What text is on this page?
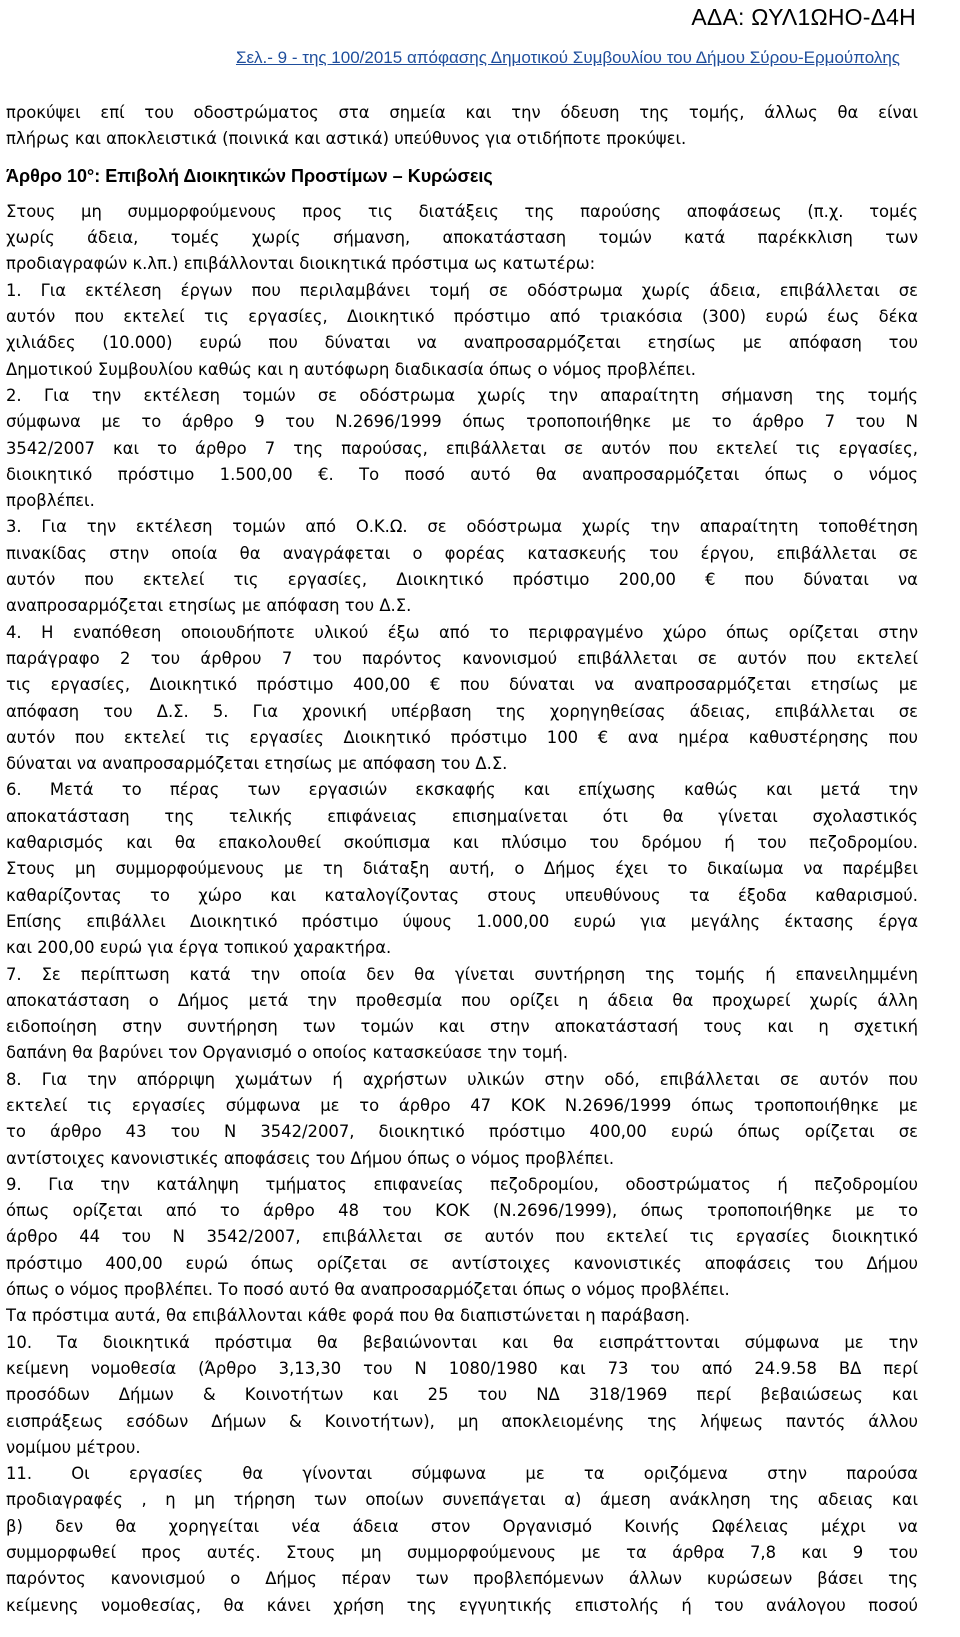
ΑΔΑ: ΩΥΛ1ΩΗΟ-Δ4Η
Σελ.- 9 - της 100/2015 απόφασης Δημοτικού Συμβουλίου του Δήμου Σύρου-Ερμούπολης
προκύψει επί του οδοστρώματος στα σημεία και την όδευση της τομής, άλλως θα είναι
πλήρως και αποκλειστικά (ποινικά και αστικά) υπεύθυνος για οτιδήποτε προκύψει.
Άρθρο 10°: Επιβολή Διοικητικών Προστίμων – Κυρώσεις
Στους μη συμμορφούμενους προς τις διατάξεις της παρούσης αποφάσεως (π.χ. τομές
χωρίς άδεια, τομές χωρίς σήμανση, αποκατάσταση τομών κατά παρέκκλιση των
προδιαγραφών κ.λπ.) επιβάλλονται διοικητικά πρόστιμα ως κατωτέρω:
1. Για εκτέλεση έργων που περιλαμβάνει τομή σε οδόστρωμα χωρίς άδεια, επιβάλλεται σε
αυτόν που εκτελεί τις εργασίες, Διοικητικό πρόστιμο από τριακόσια (300) ευρώ έως δέκα
χιλιάδες (10.000) ευρώ που δύναται να αναπροσαρμόζεται ετησίως με απόφαση του
Δημοτικού Συμβουλίου καθώς και η αυτόφωρη διαδικασία όπως ο νόμος προβλέπει.
2. Για την εκτέλεση τομών σε οδόστρωμα χωρίς την απαραίτητη σήμανση της τομής
σύμφωνα με το άρθρο 9 του Ν.2696/1999 όπως τροποποιήθηκε με το άρθρο 7 του Ν
3542/2007 και το άρθρο 7 της παρούσας, επιβάλλεται σε αυτόν που εκτελεί τις εργασίες,
διοικητικό πρόστιμο 1.500,00 €. Το ποσό αυτό θα αναπροσαρμόζεται όπως ο νόμος
προβλέπει.
3. Για την εκτέλεση τομών από Ο.Κ.Ω. σε οδόστρωμα χωρίς την απαραίτητη τοποθέτηση
πινακίδας στην οποία θα αναγράφεται ο φορέας κατασκευής του έργου, επιβάλλεται σε
αυτόν που εκτελεί τις εργασίες, Διοικητικό πρόστιμο 200,00 € που δύναται να
αναπροσαρμόζεται ετησίως με απόφαση του Δ.Σ.
4. Η εναπόθεση οποιουδήποτε υλικού έξω από το περιφραγμένο χώρο όπως ορίζεται στην
παράγραφο 2 του άρθρου 7 του παρόντος κανονισμού επιβάλλεται σε αυτόν που εκτελεί
τις εργασίες, Διοικητικό πρόστιμο 400,00 € που δύναται να αναπροσαρμόζεται ετησίως με
απόφαση του Δ.Σ. 5. Για χρονική υπέρβαση της χορηγηθείσας άδειας, επιβάλλεται σε
αυτόν που εκτελεί τις εργασίες Διοικητικό πρόστιμο 100 € ανα ημέρα καθυστέρησης που
δύναται να αναπροσαρμόζεται ετησίως με απόφαση του Δ.Σ.
6. Μετά το πέρας των εργασιών εκσκαφής και επίχωσης καθώς και μετά την
αποκατάσταση της τελικής επιφάνειας επισημαίνεται ότι θα γίνεται σχολαστικός
καθαρισμός και θα επακολουθεί σκούπισμα και πλύσιμο του δρόμου ή του πεζοδρομίου.
Στους μη συμμορφούμενους με τη διάταξη αυτή, ο Δήμος έχει το δικαίωμα να παρέμβει
καθαρίζοντας το χώρο και καταλογίζοντας στους υπευθύνους τα έξοδα καθαρισμού.
Επίσης επιβάλλει Διοικητικό πρόστιμο ύψους 1.000,00 ευρώ για μεγάλης έκτασης έργα
και 200,00 ευρώ για έργα τοπικού χαρακτήρα.
7. Σε περίπτωση κατά την οποία δεν θα γίνεται συντήρηση της τομής ή επανειλημμένη
αποκατάσταση ο Δήμος μετά την προθεσμία που ορίζει η άδεια θα προχωρεί χωρίς άλλη
ειδοποίηση στην συντήρηση των τομών και στην αποκατάστασή τους και η σχετική
δαπάνη θα βαρύνει τον Οργανισμό ο οποίος κατασκεύασε την τομή.
8. Για την απόρριψη χωμάτων ή αχρήστων υλικών στην οδό, επιβάλλεται σε αυτόν που
εκτελεί τις εργασίες σύμφωνα με το άρθρο 47 ΚΟΚ Ν.2696/1999 όπως τροποποιήθηκε με
το άρθρο 43 του Ν 3542/2007, διοικητικό πρόστιμο 400,00 ευρώ όπως ορίζεται σε
αντίστοιχες κανονιστικές αποφάσεις του Δήμου όπως ο νόμος προβλέπει.
9. Για την κατάληψη τμήματος επιφανείας πεζοδρομίου, οδοστρώματος ή πεζοδρομίου
όπως ορίζεται από το άρθρο 48 του ΚΟΚ (Ν.2696/1999), όπως τροποποιήθηκε με το
άρθρο 44 του Ν 3542/2007, επιβάλλεται σε αυτόν που εκτελεί τις εργασίες διοικητικό
πρόστιμο 400,00 ευρώ όπως ορίζεται σε αντίστοιχες κανονιστικές αποφάσεις του Δήμου
όπως ο νόμος προβλέπει. Το ποσό αυτό θα αναπροσαρμόζεται όπως ο νόμος προβλέπει.
Τα πρόστιμα αυτά, θα επιβάλλονται κάθε φορά που θα διαπιστώνεται η παράβαση.
10. Τα διοικητικά πρόστιμα θα βεβαιώνονται και θα εισπράττονται σύμφωνα με την
κείμενη νομοθεσία (Άρθρο 3,13,30 του Ν 1080/1980 και 73 του από 24.9.58 ΒΔ περί
προσόδων Δήμων & Κοινοτήτων και 25 του ΝΔ 318/1969 περί βεβαιώσεως και
εισπράξεως εσόδων Δήμων & Κοινοτήτων), μη αποκλειομένης της λήψεως παντός άλλου
νομίμου μέτρου.
11. Οι εργασίες θα γίνονται σύμφωνα με τα οριζόμενα στην παρούσα
προδιαγραφές , η μη τήρηση των οποίων συνεπάγεται α) άμεση ανάκληση της αδειας και
β) δεν θα χορηγείται νέα άδεια στον Οργανισμό Κοινής Ωφέλειας μέχρι να
συμμορφωθεί προς αυτές. Στους μη συμμορφούμενους με τα άρθρα 7,8 και 9 του
παρόντος κανονισμού ο Δήμος πέραν των προβλεπόμενων άλλων κυρώσεων βάσει της
κείμενης νομοθεσίας, θα κάνει χρήση της εγγυητικής επιστολής ή του ανάλογου ποσού
